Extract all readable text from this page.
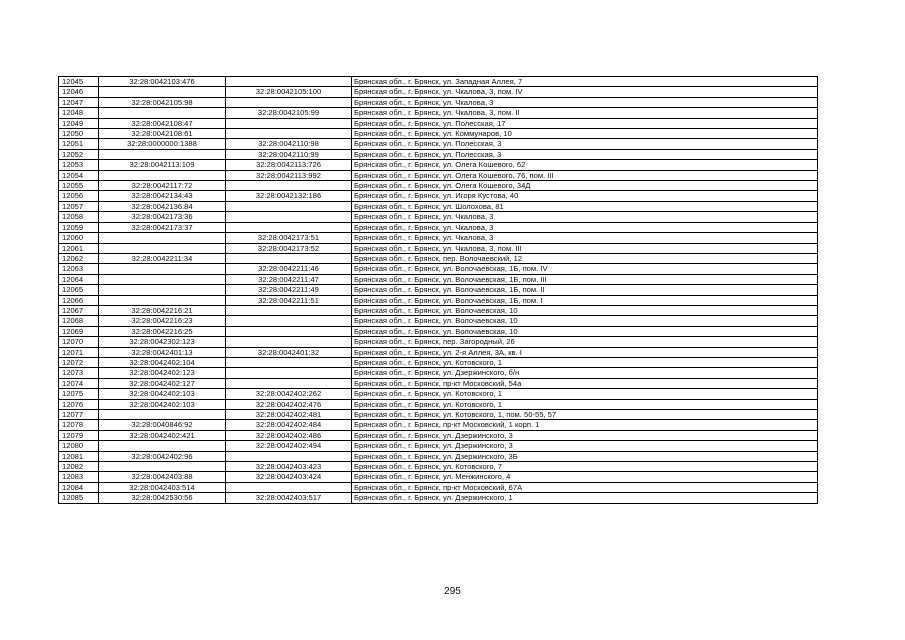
12045	32:28:0042103:476		Брянская обл., г. Брянск, ул. Западная Аллея, 7
12046		32:28:0042105:100	Брянская обл., г. Брянск, ул. Чкалова, 3, пом. IV
12047	32:28:0042105:98		Брянская обл., г. Брянск, ул. Чкалова, 3
12048		32:28:0042105:99	Брянская обл., г. Брянск, ул. Чкалова, 3, пом. II
12049	32:28:0042108:47		Брянская обл., г. Брянск, ул. Полесская, 17
12050	32:28:0042108:61		Брянская обл., г. Брянск, ул. Коммунаров, 10
12051	32:28:0000000:1388	32:28:0042110:98	Брянская обл., г. Брянск, ул. Полесская, 3
12052		32:28:0042110:99	Брянская обл., г. Брянск, ул. Полесская, 3
12053	32:28:0042113:109	32:28:0042113:726	Брянская обл., г. Брянск, ул. Олега Кошевого, 62
12054		32:28:0042113:992	Брянская обл., г. Брянск, ул. Олега Кошевого, 76, пом. III
12055	32:28:0042117:72		Брянская обл., г. Брянск, ул. Олега Кошевого, 34Д
12056	32:28:0042134:43	32:28:0042132:186	Брянская обл., г. Брянск, ул. Игоря Кустова, 40
12057	32:28:0042136:84		Брянская обл., г. Брянск, ул. Шолохова, 81
12058	32:28:0042173:36		Брянская обл., г. Брянск, ул. Чкалова, 3
12059	32:28:0042173:37		Брянская обл., г. Брянск, ул. Чкалова, 3
12060		32:28:0042173:51	Брянская обл., г. Брянск, ул. Чкалова, 3
12061		32:28:0042173:52	Брянская обл., г. Брянск, ул. Чкалова, 3, пом. III
12062	32:28:0042211:34		Брянская обл., г. Брянск, пер. Волочаевский, 12
12063		32:28:0042211:46	Брянская обл., г. Брянск, ул. Волочаевская, 1Б, пом. IV
12064		32:28:0042211:47	Брянская обл., г. Брянск, ул. Волочаевская, 1Б, пом. III
12065		32:28:0042211:49	Брянская обл., г. Брянск, ул. Волочаевская, 1Б, пом. II
12066		32:28:0042211:51	Брянская обл., г. Брянск, ул. Волочаевская, 1Б, пом. I
12067	32:28:0042216:21		Брянская обл., г. Брянск, ул. Волочаевская, 10
12068	32:28:0042216:23		Брянская обл., г. Брянск, ул. Волочаевская, 10
12069	32:28:0042216:25		Брянская обл., г. Брянск, ул. Волочаевская, 10
12070	32:28:0042302:123		Брянская обл., г. Брянск, пер. Загородный, 26
12071	32:28:0042401:13	32:28:0042401:32	Брянская обл., г. Брянск, ул. 2-я Аллея, 3А, кв. I
12072	32:28:0042402:104		Брянская обл., г. Брянск, ул. Котовского, 1
12073	32:28:0042402:123		Брянская обл., г. Брянск, ул. Дзержинского, б/н
12074	32:28:0042402:127		Брянская обл., г. Брянск, пр-кт Московский, 54а
12075	32:28:0042402:103	32:28:0042402:262	Брянская обл., г. Брянск, ул. Котовского, 1
12076	32:28:0042402:103	32:28:0042402:476	Брянская обл., г. Брянск, ул. Котовского, 1
12077		32:28:0042402:481	Брянская обл., г. Брянск, ул. Котовского, 1, пом. 50-55, 57
12078	32:28:0040846:92	32:28:0042402:484	Брянская обл., г. Брянск, пр-кт Московский, 1 корп. 1
12079	32:28:0042402:421	32:28:0042402:486	Брянская обл., г. Брянск, ул. Дзержинского, 3
12080		32:28:0042402:494	Брянская обл., г. Брянск, ул. Дзержинского, 3
12081	32:28:0042402:96		Брянская обл., г. Брянск, ул. Дзержинского, 3Б
12082		32:28:0042403:423	Брянская обл., г. Брянск, ул. Котовского, 7
12083	32:28:0042403:88	32:28:0042403:424	Брянская обл., г. Брянск, ул. Менжинского, 4
12084	32:28:0042403:514		Брянская обл., г. Брянск, пр-кт Московский, 67А
12085	32:28:0042530:56	32:28:0042403:517	Брянская обл., г. Брянск, ул. Дзержинского, 1
295
